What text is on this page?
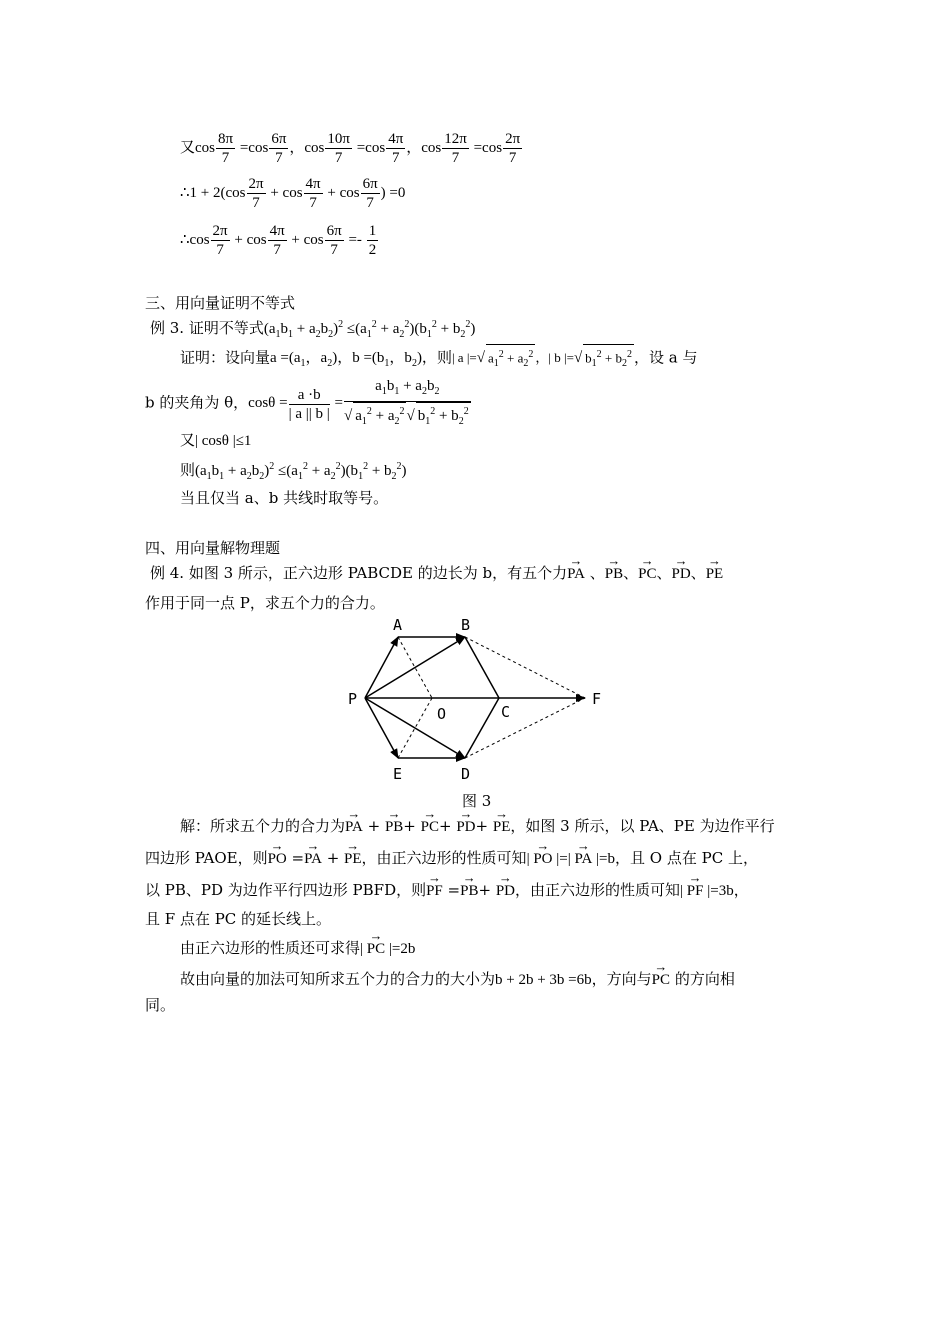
又$\cos \frac{8\pi}{7} =\cos \frac{6\pi}{7}$ ，$\cos \frac{10\pi}{7} =\cos \frac{4\pi}{7}$ ，$\cos \frac{12\pi}{7} =\cos \frac{2\pi}{7}$
∴1 + $2(\cos \frac{2\pi}{7} + \cos \frac{4\pi}{7} + \cos \frac{6\pi}{7}$ ) =0
∴cos $\frac{2\pi}{7} + \cos \frac{4\pi}{7} + \cos \frac{6\pi}{7} =- \frac{1}{2}$
三、用向量证明不等式
例 3. 证明不等式$(a_1b_1 + a_2b_2)^2 \le(a_1^2 + a_2^2)(b_1^2 + b_2^2)$
证明：设向量$a =(a_1$，$a_2$)，$b =(b_1$，$b_2$)，则| a |=√ $a_1^2 + a_2^2$ ，| b |=√ $b_1^2 + b_2^2$ ，设 a 与
b 的夹角为 θ，$\cos\theta = \frac{a \cdot b}{| a || b |} = \frac{a_1b_1 + a_2b_2}{√ a_1^2 + a_2^2 √ b_1^2 + b_2^2}$
又| cosθ |≤1
则$(a_1b_1 + a_2b_2)^2 \le(a_1^2 + a_2^2)(b_1^2 + b_2^2)$
当且仅当 a、b 共线时取等号。
四、用向量解物理题
例 4. 如图 3 所示，正六边形 PABCDE 的边长为 b，有五个力→ PA 、→ PB、→ PC、→ PD、→ PE
作用于同一点 P，求五个力的合力。
A	B
P
O	C
F
E	D
图 3
解：所求五个力的合力为→ PA + → PB+ → PC+ → PD+ → PE，如图 3 所示，以 PA、PE 为边作平行
四边形 PAOE，则→ PO =→ PA + → PE，由正六边形的性质可知| → PO |=| → PA |=b，且 O 点在 PC 上，
以 PB、PD 为边作平行四边形 PBFD，则→ PF =→ PB+ → PD，由正六边形的性质可知| → PF |=3b，
且 F 点在 PC 的延长线上。
由正六边形的性质还可求得| → PC |=2b
故由向量的加法可知所求五个力的合力的大小为b + 2b + 3b =6b，方向与→ PC 的方向相
同。
